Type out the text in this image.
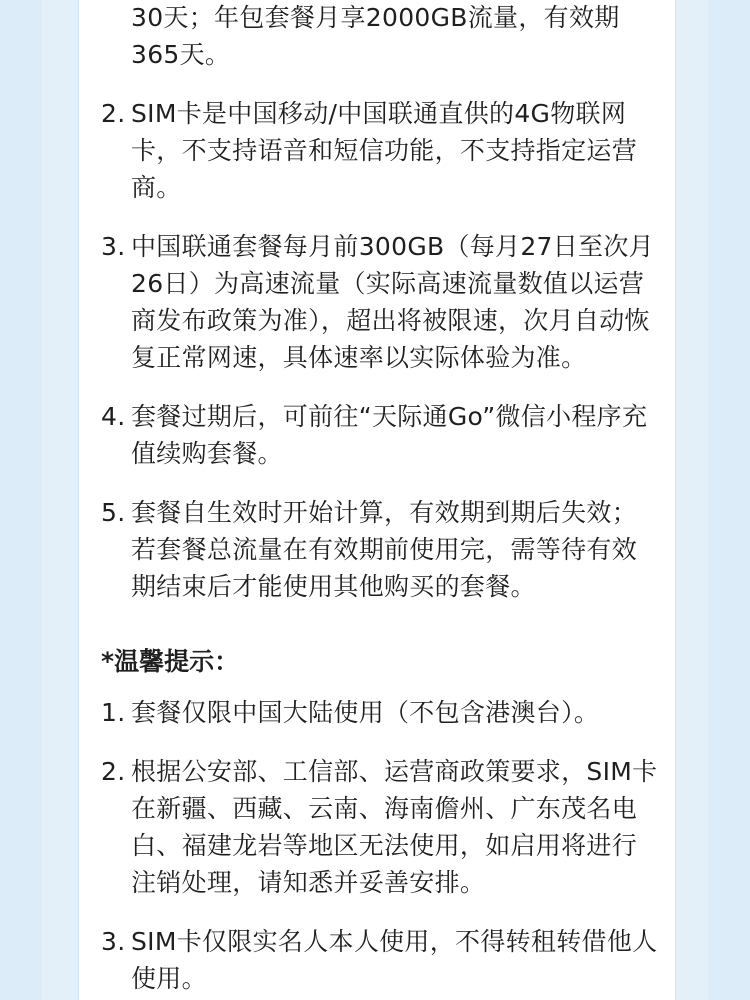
30天；年包套餐月享2000GB流量，有效期365天。
2. SIM卡是中国移动/中国联通直供的4G物联网卡，不支持语音和短信功能，不支持指定运营商。
3. 中国联通套餐每月前300GB（每月27日至次月26日）为高速流量（实际高速流量数值以运营商发布政策为准），超出将被限速，次月自动恢复正常网速，具体速率以实际体验为准。
4. 套餐过期后，可前往“天际通Go”微信小程序充值续购套餐。
5. 套餐自生效时开始计算，有效期到期后失效；若套餐总流量在有效期前使用完，需等待有效期结束后才能使用其他购买的套餐。
*温馨提示：
1. 套餐仅限中国大陆使用（不包含港澳台）。
2. 根据公安部、工信部、运营商政策要求，SIM卡在新疆、西藏、云南、海南儋州、广东茂名电白、福建龙岩等地区无法使用，如启用将进行注销处理，请知悉并妥善安排。
3. SIM卡仅限实名人本人使用，不得转租转借他人使用。
